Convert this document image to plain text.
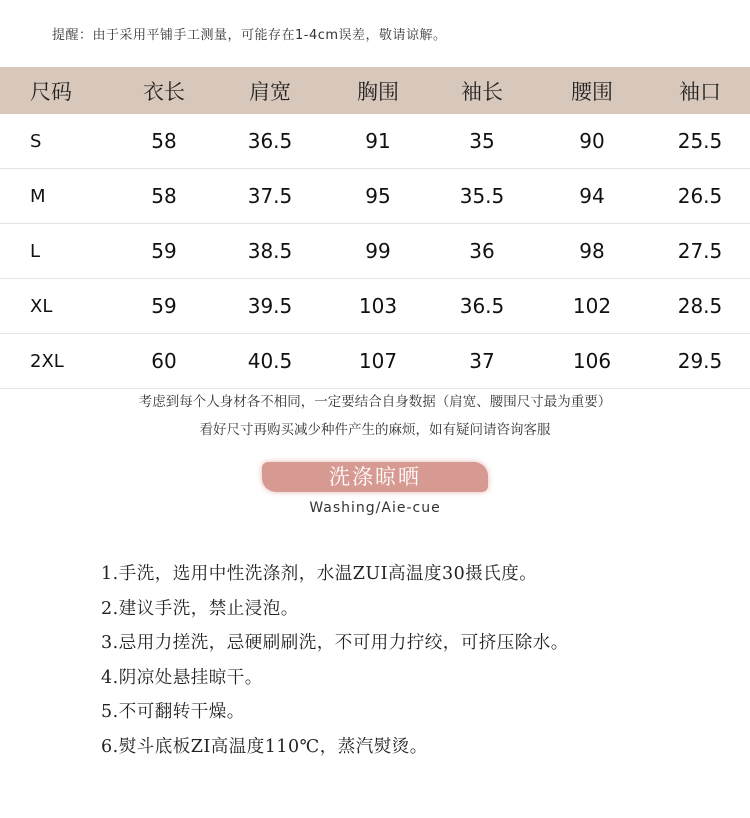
提醒：由于采用平铺手工测量，可能存在1-4cm误差，敬请谅解。
尺码	衣长	肩宽	胸围	袖长	腰围	袖口
S	58	36.5	91	35	90	25.5
M	58	37.5	95	35.5	94	26.5
L	59	38.5	99	36	98	27.5
XL	59	39.5	103	36.5	102	28.5
2XL	60	40.5	107	37	106	29.5
考虑到每个人身材各不相同，一定要结合自身数据（肩宽、腰围尺寸最为重要）
看好尺寸再购买减少种件产生的麻烦，如有疑问请咨询客服
洗涤晾晒
Washing/Aie-cue
1.手洗，选用中性洗涤剂，水温ZUI高温度30摄氏度。
2.建议手洗，禁止浸泡。
3.忌用力搓洗，忌硬刷刷洗，不可用力拧绞，可挤压除水。
4.阴凉处悬挂晾干。
5.不可翻转干燥。
6.熨斗底板ZI高温度110℃，蒸汽熨烫。
